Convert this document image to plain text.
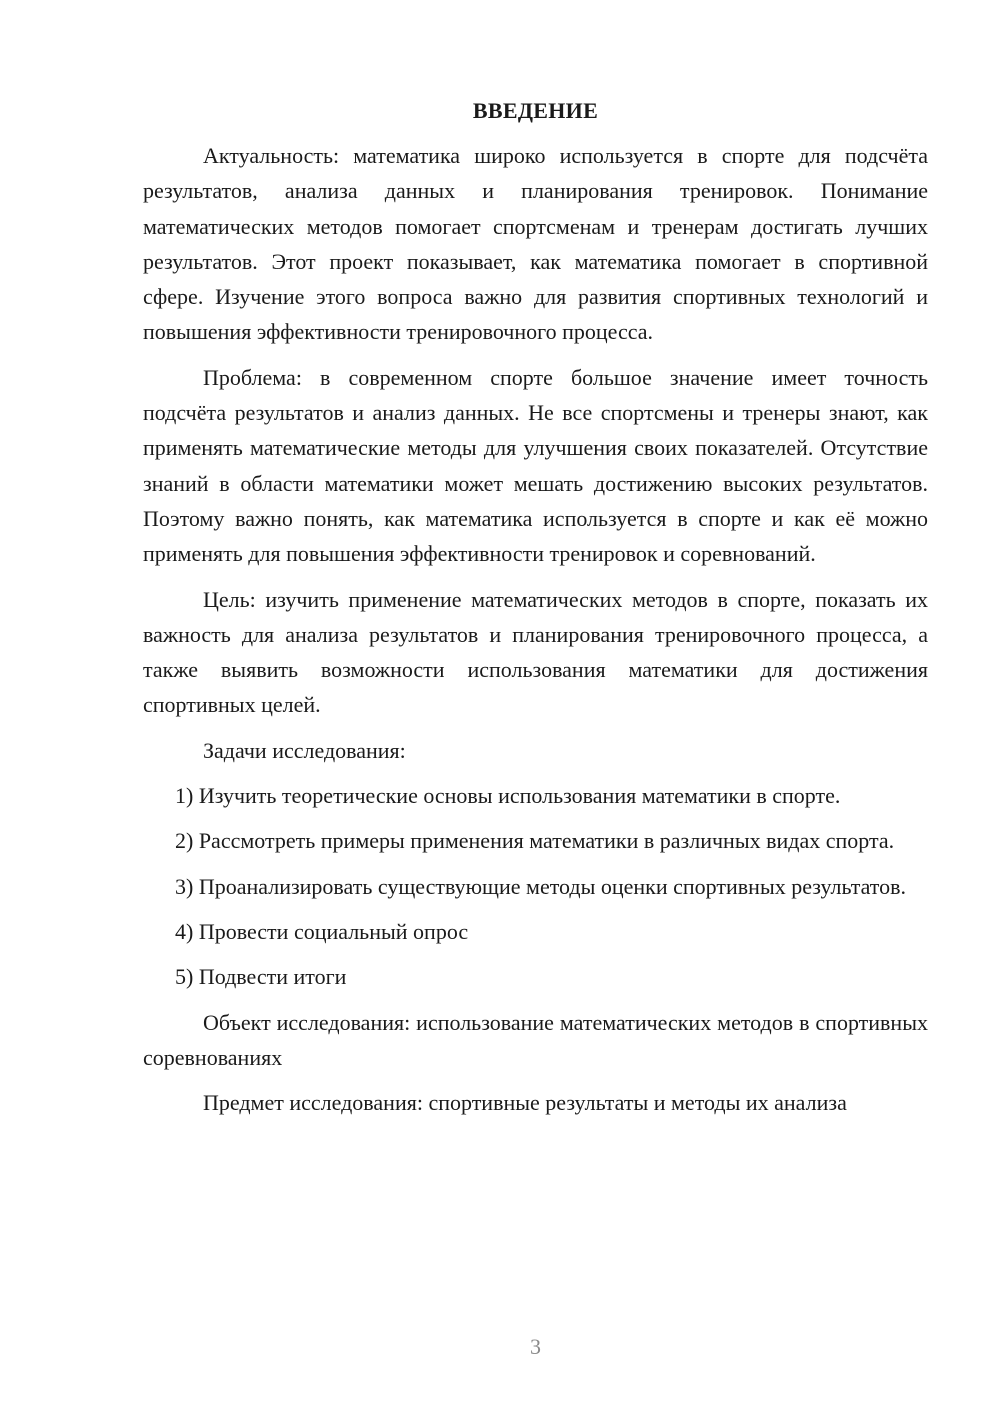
ВВЕДЕНИЕ

Актуальность: математика широко используется в спорте для подсчёта результатов, анализа данных и планирования тренировок. Понимание математических методов помогает спортсменам и тренерам достигать лучших результатов. Этот проект показывает, как математика помогает в спортивной сфере. Изучение этого вопроса важно для развития спортивных технологий и повышения эффективности тренировочного процесса.

Проблема: в современном спорте большое значение имеет точность подсчёта результатов и анализ данных. Не все спортсмены и тренеры знают, как применять математические методы для улучшения своих показателей. Отсутствие знаний в области математики может мешать достижению высоких результатов. Поэтому важно понять, как математика используется в спорте и как её можно применять для повышения эффективности тренировок и соревнований.

Цель: изучить применение математических методов в спорте, показать их важность для анализа результатов и планирования тренировочного процесса, а также выявить возможности использования математики для достижения спортивных целей.

Задачи исследования:

1) Изучить теоретические основы использования математики в спорте.

2) Рассмотреть примеры применения математики в различных видах спорта.

3) Проанализировать существующие методы оценки спортивных результатов.

4) Провести социальный опрос

5) Подвести итоги

Объект исследования: использование математических методов в спортивных соревнованиях

Предмет исследования: спортивные результаты и методы их анализа

3
